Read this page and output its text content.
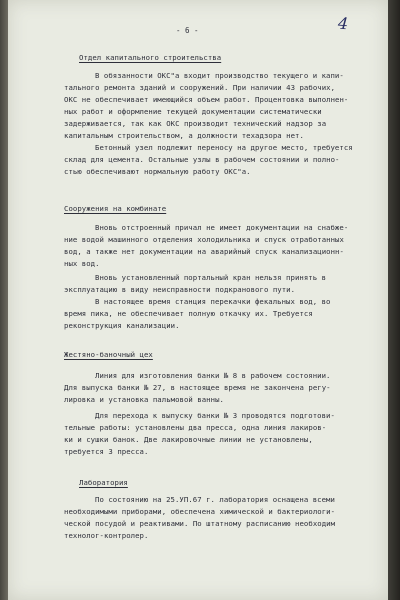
- 6 -	4
Отдел капитального строительства
В обязанности ОКС"а входит производство текущего и капи-
тального ремонта зданий и сооружений. При наличии 43 рабочих,
ОКС не обеспечивает имеющийся объем работ. Процентовка выполнен-
ных работ и оформление текущей документации систематически
задерживается, так как ОКС производит технический надзор за
капитальным строительством, а должности техадзора нет.
Бетонный узел подлежит переносу на другое место, требуется
склад для цемента. Остальные узлы в рабочем состоянии и полно-
стью обеспечивают нормальную работу ОКС"а.
Сооружения на комбинате
Вновь отстроенный причал не имеет документации на снабже-
ние водой машинного отделения холодильника и спуск отработанных
вод, а также нет документации на аварийный спуск канализационн-
ных вод.
Вновь установленный портальный кран нельзя принять в
эксплуатацию в виду неисправности подкранового пути.
В настоящее время станция перекачки фекальных вод, во
время пика, не обеспечивает полную откачку их. Требуется
реконструкция канализации.
Жестяно-баночный цех
Линия для изготовления банки № 8 в рабочем состоянии.
Для выпуска банки № 27, в настоящее время не закончена регу-
лировка и установка пальмовой ванны.
Для перехода к выпуску банки № 3 проводятся подготови-
тельные работы: установлены два пресса, одна линия лакиров-
ки и сушки банок. Две лакировочные линии не установлены,
требуется 3 пресса.
Лаборатория
По состоянию на 25.УП.67 г. лаборатория оснащена всеми
необходимыми приборами, обеспечена химической и бактериологи-
ческой посудой и реактивами. По штатному расписанию необходим
технолог-контролер.
